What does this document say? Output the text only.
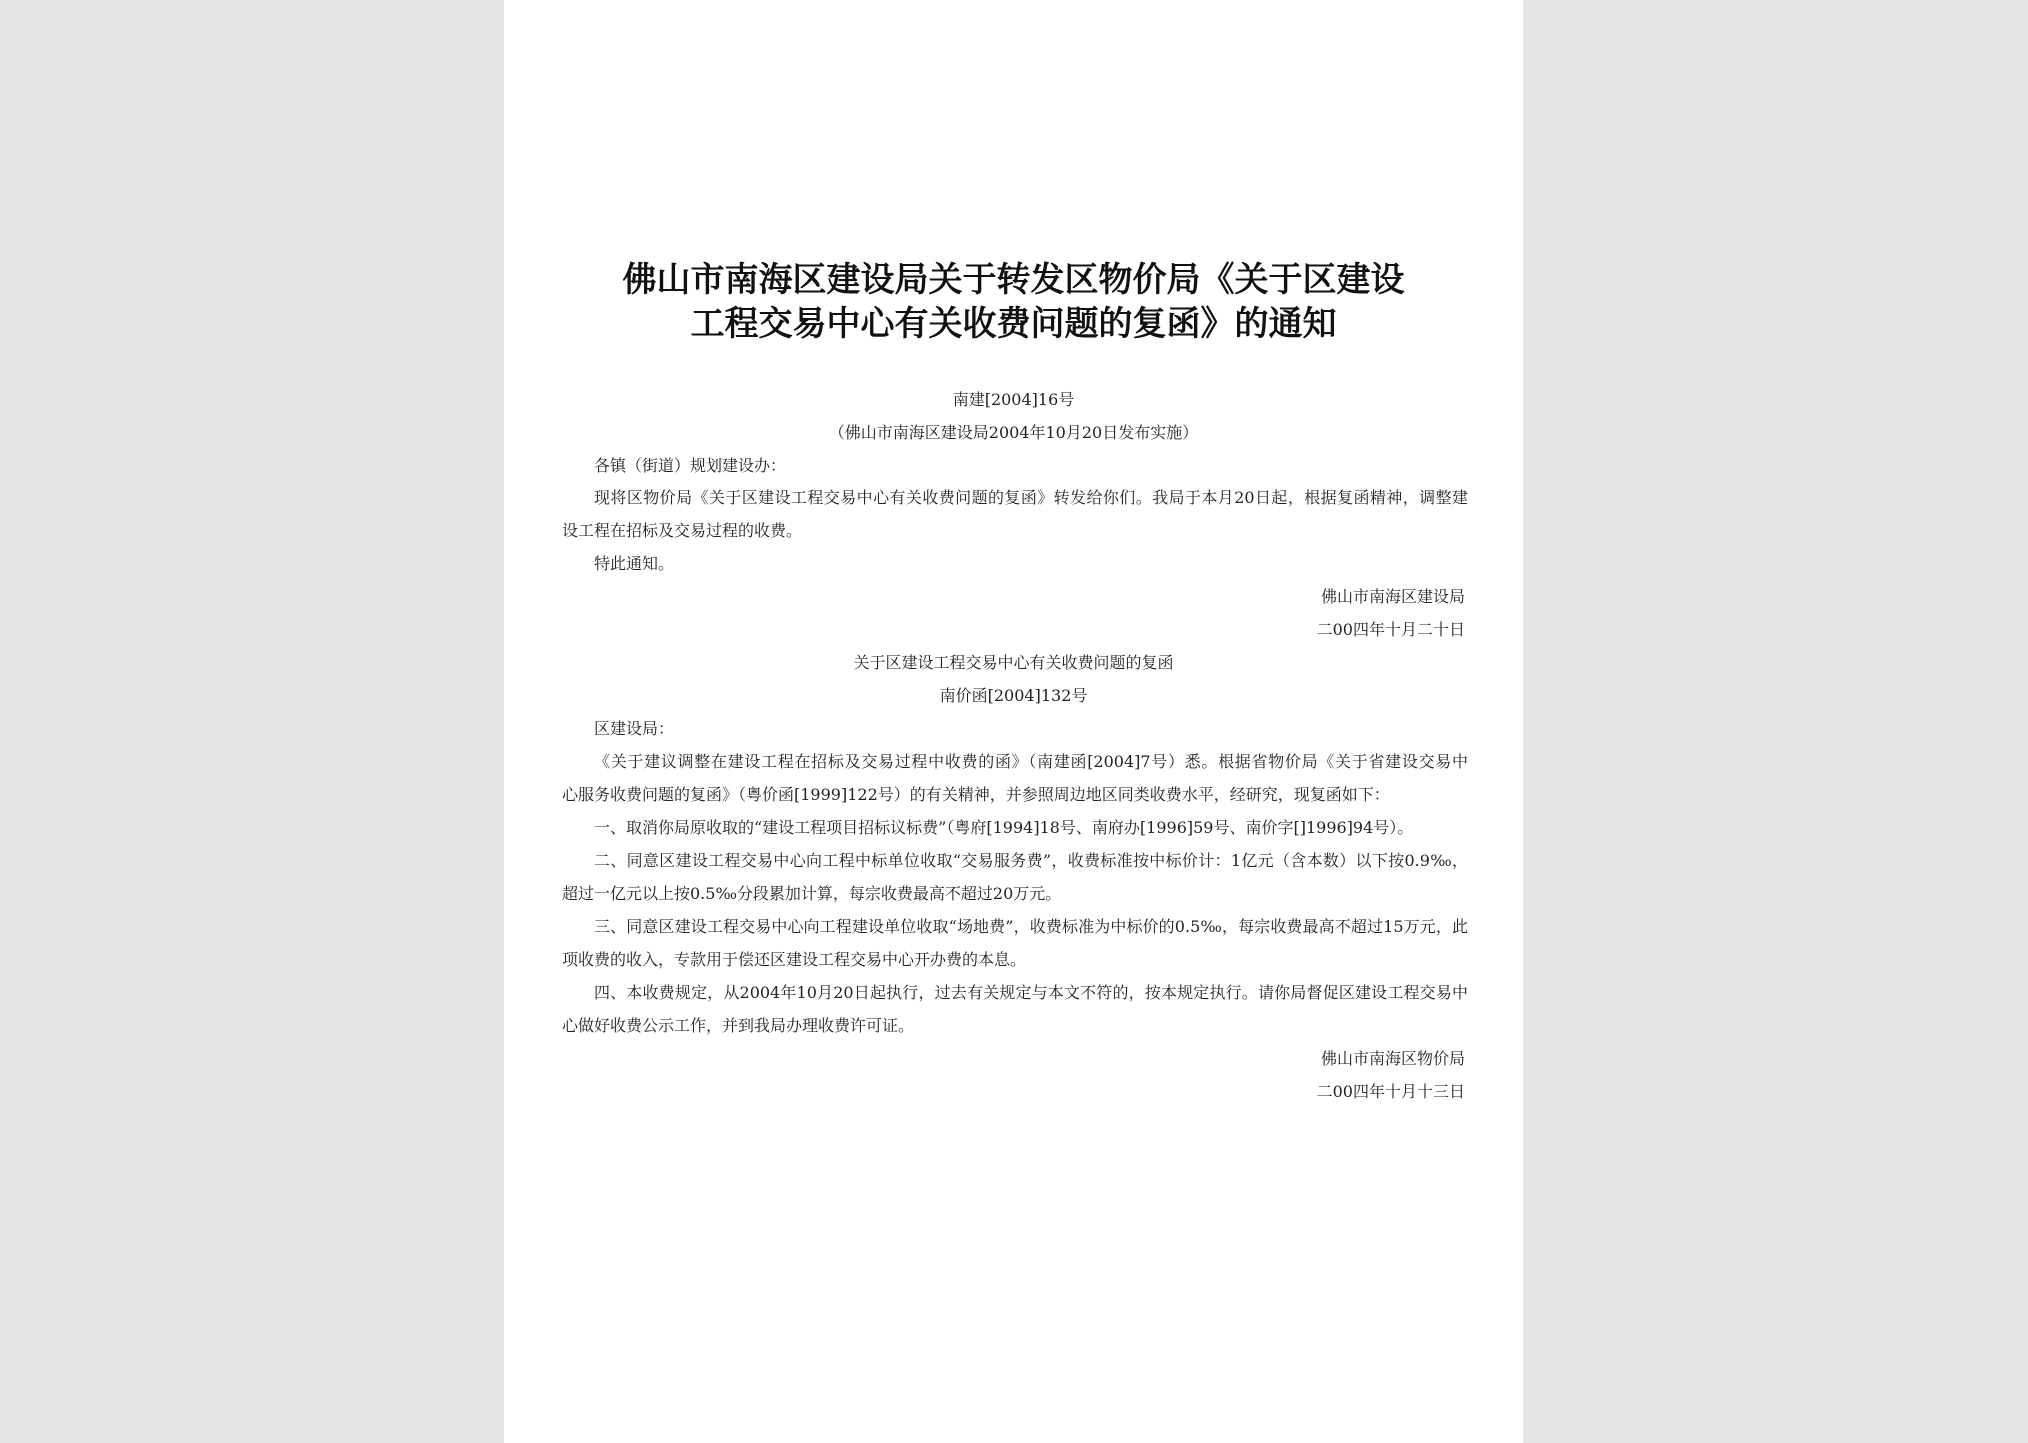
佛山市南海区建设局关于转发区物价局《关于区建设
工程交易中心有关收费问题的复函》的通知
南建[2004]16号
（佛山市南海区建设局2004年10月20日发布实施）
各镇（街道）规划建设办：
现将区物价局《关于区建设工程交易中心有关收费问题的复函》转发给你们。我局于本月20日起，根据复函精神，调整建
设工程在招标及交易过程的收费。
特此通知。
佛山市南海区建设局
二00四年十月二十日
关于区建设工程交易中心有关收费问题的复函
南价函[2004]132号
区建设局：
《关于建议调整在建设工程在招标及交易过程中收费的函》（南建函[2004]7号）悉。根据省物价局《关于省建设交易中
心服务收费问题的复函》（粤价函[1999]122号）的有关精神，并参照周边地区同类收费水平，经研究，现复函如下：
一、取消你局原收取的“建设工程项目招标议标费”（粤府[1994]18号、南府办[1996]59号、南价字[]1996]94号）。
二、同意区建设工程交易中心向工程中标单位收取“交易服务费”，收费标准按中标价计：1亿元（含本数）以下按0.9‰，
超过一亿元以上按0.5‰分段累加计算，每宗收费最高不超过20万元。
三、同意区建设工程交易中心向工程建设单位收取“场地费”，收费标准为中标价的0.5‰，每宗收费最高不超过15万元，此
项收费的收入，专款用于偿还区建设工程交易中心开办费的本息。
四、本收费规定，从2004年10月20日起执行，过去有关规定与本文不符的，按本规定执行。请你局督促区建设工程交易中
心做好收费公示工作，并到我局办理收费许可证。
佛山市南海区物价局
二00四年十月十三日
